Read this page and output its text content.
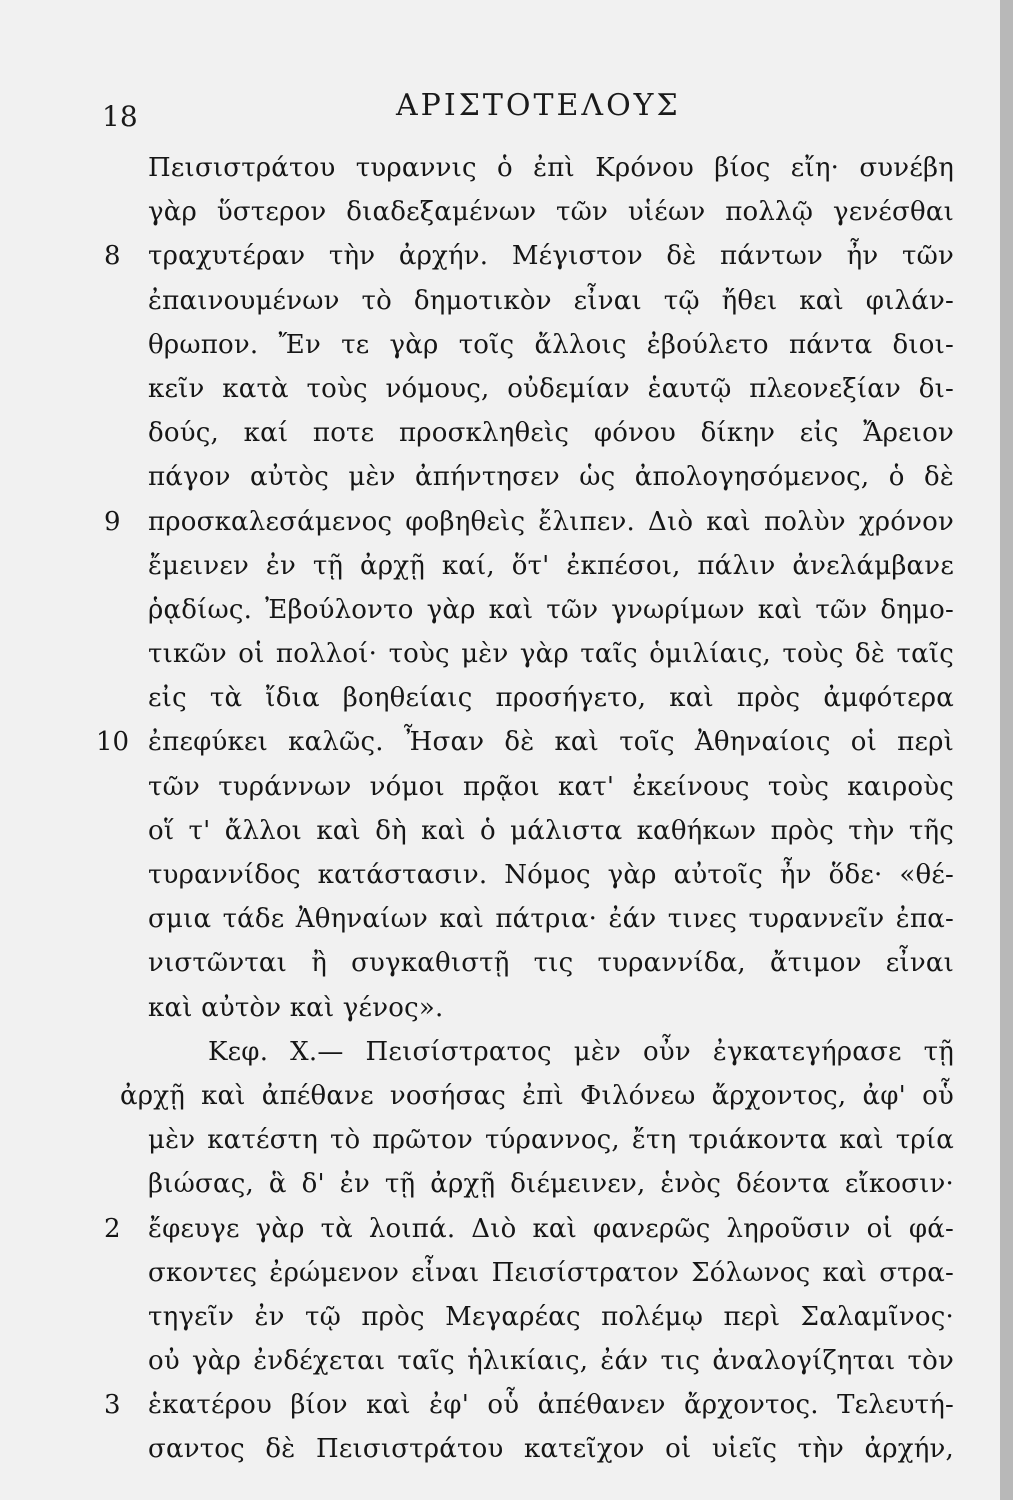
18	ΑΡΙΣΤΟΤΕΛΟΥΣ
Πεισιστράτου τυραννις ὁ ἐπὶ Κρόνου βίος εἴη· συνέβη
γὰρ ὕστερον διαδεξαμένων τῶν υἱέων πολλῷ γενέσθαι
8 τραχυτέραν τὴν ἀρχήν. Μέγιστον δὲ πάντων ἦν τῶν
ἐπαινουμένων τὸ δημοτικὸν εἶναι τῷ ἤθει καὶ φιλάν-
θρωπον. Ἔν τε γὰρ τοῖς ἄλλοις ἐβούλετο πάντα διοι-
κεῖν κατὰ τοὺς νόμους, οὐδεμίαν ἑαυτῷ πλεονεξίαν δι-
δούς, καί ποτε προσκληθεὶς φόνου δίκην εἰς Ἄρειον
πάγον αὐτὸς μὲν ἀπήντησεν ὡς ἀπολογησόμενος, ὁ δὲ
9 προσκαλεσάμενος φοβηθεὶς ἔλιπεν. Διὸ καὶ πολὺν χρόνον
ἔμεινεν ἐν τῇ ἀρχῇ καί, ὅτ' ἐκπέσοι, πάλιν ἀνελάμβανε
ῥᾳδίως. Ἐβούλοντο γὰρ καὶ τῶν γνωρίμων καὶ τῶν δημο-
τικῶν οἱ πολλοί· τοὺς μὲν γὰρ ταῖς ὁμιλίαις, τοὺς δὲ ταῖς
εἰς τὰ ἴδια βοηθείαις προσήγετο, καὶ πρὸς ἀμφότερα
10 ἐπεφύκει καλῶς. Ἦσαν δὲ καὶ τοῖς Ἀθηναίοις οἱ περὶ
τῶν τυράννων νόμοι πρᾷοι κατ' ἐκείνους τοὺς καιροὺς
οἵ τ' ἄλλοι καὶ δὴ καὶ ὁ μάλιστα καθήκων πρὸς τὴν τῆς
τυραννίδος κατάστασιν. Νόμος γὰρ αὐτοῖς ἦν ὅδε· «θέ-
σμια τάδε Ἀθηναίων καὶ πάτρια· ἐάν τινες τυραννεῖν ἐπα-
νιστῶνται ἢ συγκαθιστῇ τις τυραννίδα, ἄτιμον εἶναι
καὶ αὐτὸν καὶ γένος».
Κεφ. Χ.— Πεισίστρατος μὲν οὖν ἐγκατεγήρασε τῇ
ἀρχῇ καὶ ἀπέθανε νοσήσας ἐπὶ Φιλόνεω ἄρχοντος, ἀφ' οὗ
μὲν κατέστη τὸ πρῶτον τύραννος, ἔτη τριάκοντα καὶ τρία
βιώσας, ἃ δ' ἐν τῇ ἀρχῇ διέμεινεν, ἑνὸς δέοντα εἴκοσιν·
2 ἔφευγε γὰρ τὰ λοιπά. Διὸ καὶ φανερῶς ληροῦσιν οἱ φά-
σκοντες ἐρώμενον εἶναι Πεισίστρατον Σόλωνος καὶ στρα-
τηγεῖν ἐν τῷ πρὸς Μεγαρέας πολέμῳ περὶ Σαλαμῖνος·
οὐ γὰρ ἐνδέχεται ταῖς ἡλικίαις, ἐάν τις ἀναλογίζηται τὸν
3 ἑκατέρου βίον καὶ ἐφ' οὗ ἀπέθανεν ἄρχοντος. Τελευτή-
σαντος δὲ Πεισιστράτου κατεῖχον οἱ υἱεῖς τὴν ἀρχήν,
